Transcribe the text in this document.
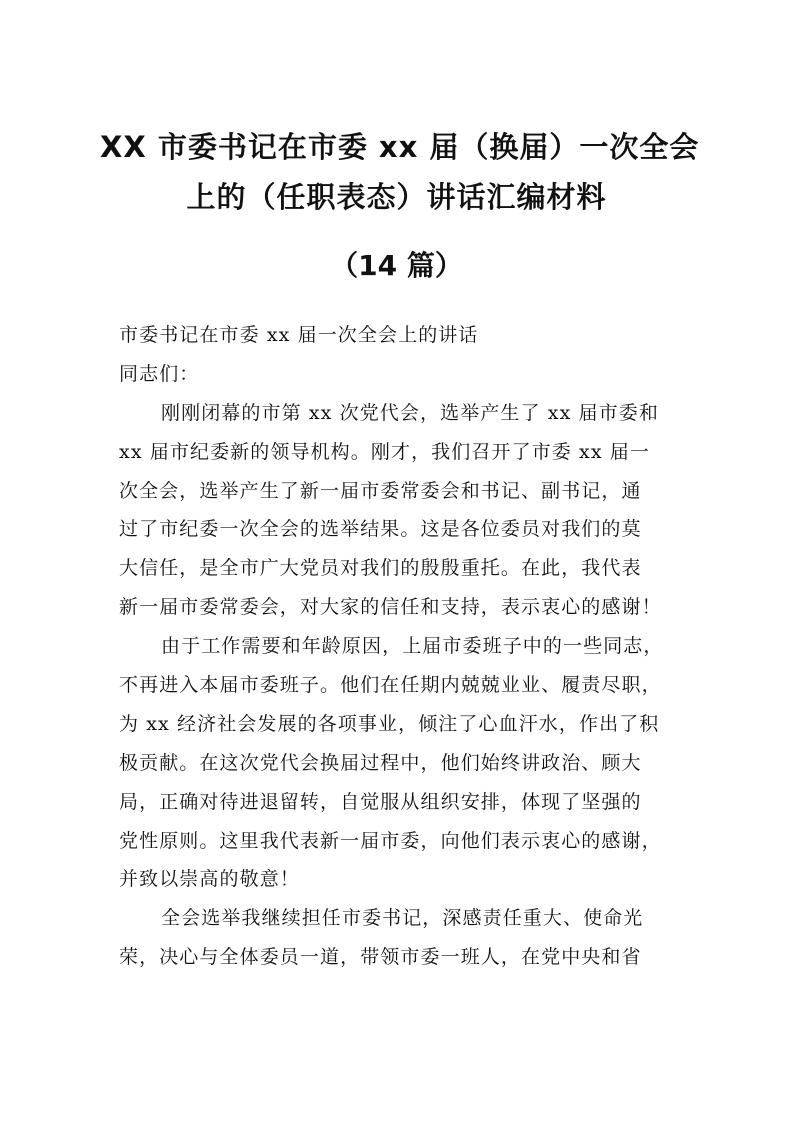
XX 市委书记在市委 xx 届（换届）一次全会
上的（任职表态）讲话汇编材料
（14 篇）
市委书记在市委 xx 届一次全会上的讲话
同志们：
刚刚闭幕的市第 xx 次党代会，选举产生了 xx 届市委和
xx 届市纪委新的领导机构。刚才，我们召开了市委 xx 届一
次全会，选举产生了新一届市委常委会和书记、副书记，通
过了市纪委一次全会的选举结果。这是各位委员对我们的莫
大信任，是全市广大党员对我们的殷殷重托。在此，我代表
新一届市委常委会，对大家的信任和支持，表示衷心的感谢！
由于工作需要和年龄原因，上届市委班子中的一些同志，
不再进入本届市委班子。他们在任期内兢兢业业、履责尽职，
为 xx 经济社会发展的各项事业，倾注了心血汗水，作出了积
极贡献。在这次党代会换届过程中，他们始终讲政治、顾大
局，正确对待进退留转，自觉服从组织安排，体现了坚强的
党性原则。这里我代表新一届市委，向他们表示衷心的感谢，
并致以崇高的敬意！
全会选举我继续担任市委书记，深感责任重大、使命光
荣，决心与全体委员一道，带领市委一班人，在党中央和省
